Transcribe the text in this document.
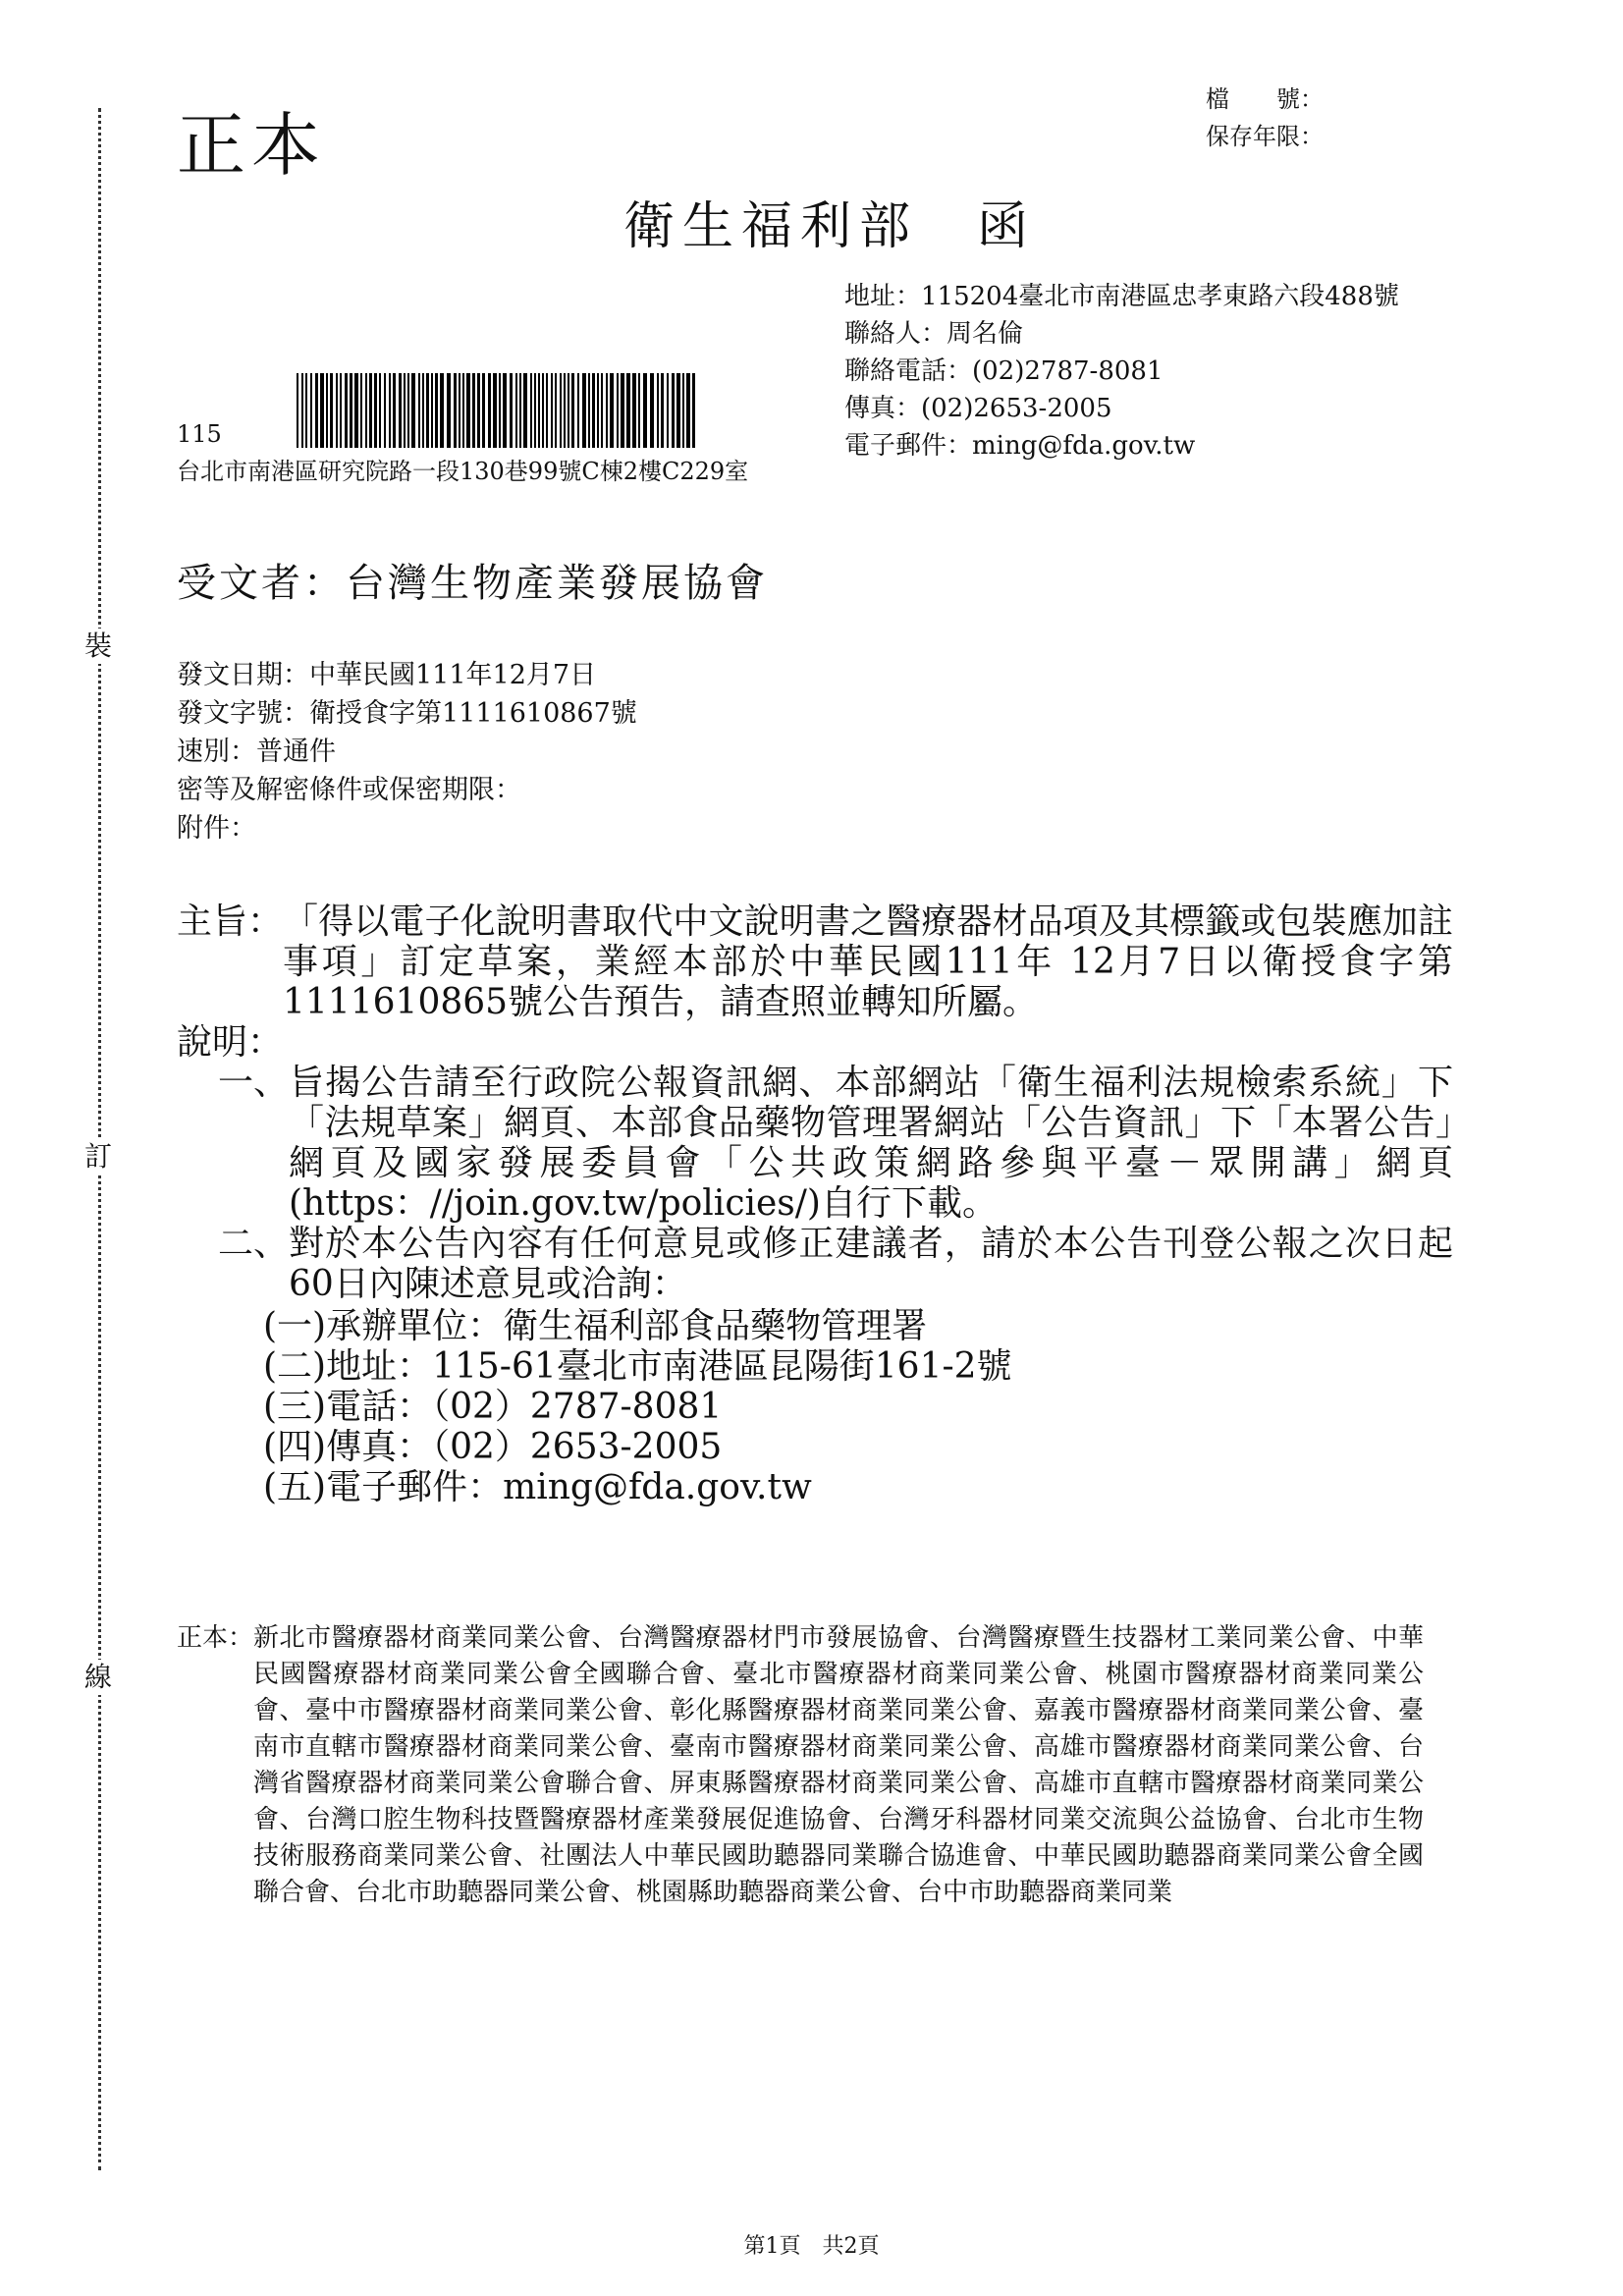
裝
訂
線
正本
檔　　號：
保存年限：
衛生福利部　函
地址：115204臺北市南港區忠孝東路六段488號
聯絡人：周名倫
聯絡電話：(02)2787-8081
傳真：(02)2653-2005
電子郵件：ming@fda.gov.tw
115
台北市南港區研究院路一段130巷99號C棟2樓C229室
受文者：台灣生物產業發展協會
發文日期：中華民國111年12月7日
發文字號：衛授食字第1111610867號
速別：普通件
密等及解密條件或保密期限：
附件：
主旨： 「得以電子化說明書取代中文說明書之醫療器材品項及其標籤或包裝應加註事項」訂定草案，業經本部於中華民國111年 12月7日以衛授食字第1111610865號公告預告，請查照並轉知所屬。
說明：
一、 旨揭公告請至行政院公報資訊網、本部網站「衛生福利法規檢索系統」下「法規草案」網頁、本部食品藥物管理署網站「公告資訊」下「本署公告」網頁及國家發展委員會「公共政策網路參與平臺－眾開講」網頁(https：//join.gov.tw/policies/)自行下載。
二、 對於本公告內容有任何意見或修正建議者，請於本公告刊登公報之次日起60日內陳述意見或洽詢：
(一)承辦單位：衛生福利部食品藥物管理署
(二)地址：115-61臺北市南港區昆陽街161-2號
(三)電話：（02）2787-8081
(四)傳真：（02）2653-2005
(五)電子郵件：ming@fda.gov.tw
正本： 新北市醫療器材商業同業公會、台灣醫療器材門市發展協會、台灣醫療暨生技器材工業同業公會、中華民國醫療器材商業同業公會全國聯合會、臺北市醫療器材商業同業公會、桃園市醫療器材商業同業公會、臺中市醫療器材商業同業公會、彰化縣醫療器材商業同業公會、嘉義市醫療器材商業同業公會、臺南市直轄市醫療器材商業同業公會、臺南市醫療器材商業同業公會、高雄市醫療器材商業同業公會、台灣省醫療器材商業同業公會聯合會、屏東縣醫療器材商業同業公會、高雄市直轄市醫療器材商業同業公會、台灣口腔生物科技暨醫療器材產業發展促進協會、台灣牙科器材同業交流與公益協會、台北市生物技術服務商業同業公會、社團法人中華民國助聽器同業聯合協進會、中華民國助聽器商業同業公會全國聯合會、台北市助聽器同業公會、桃園縣助聽器商業公會、台中市助聽器商業同業
第1頁　共2頁
